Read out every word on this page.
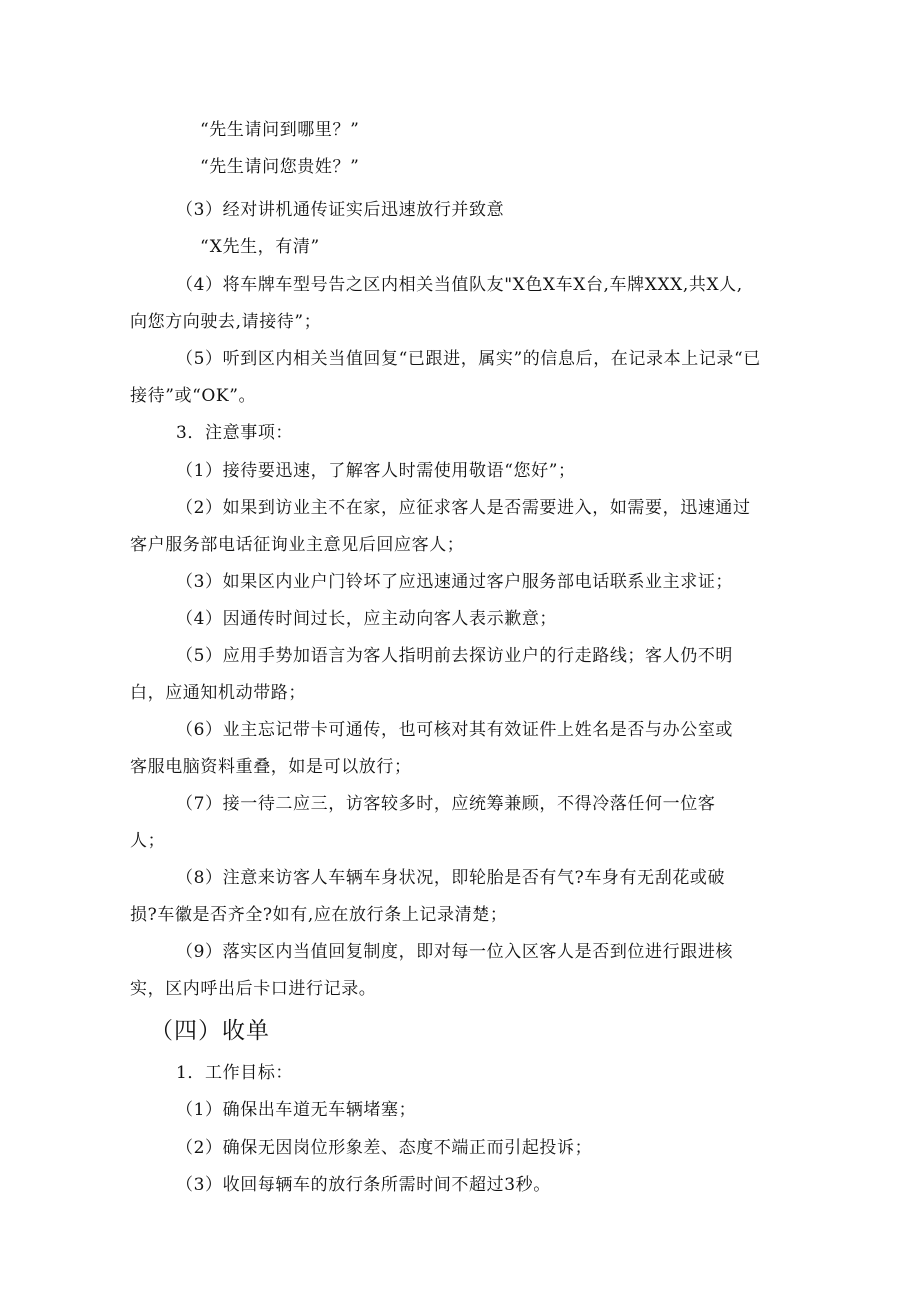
“先生请问到哪里？”
“先生请问您贵姓？”
（3）经对讲机通传证实后迅速放行并致意
“X先生，有清”
（4）将车牌车型号告之区内相关当值队友"X色X车X台,车牌XXX,共X人,
向您方向驶去,请接待”；
（5）听到区内相关当值回复“已跟进，属实”的信息后，在记录本上记录“已
接待”或“OK”。
3．注意事项：
（1）接待要迅速，了解客人时需使用敬语“您好”；
（2）如果到访业主不在家，应征求客人是否需要进入，如需要，迅速通过
客户服务部电话征询业主意见后回应客人；
（3）如果区内业户门铃坏了应迅速通过客户服务部电话联系业主求证；
（4）因通传时间过长，应主动向客人表示歉意；
（5）应用手势加语言为客人指明前去探访业户的行走路线；客人仍不明
白，应通知机动带路；
（6）业主忘记带卡可通传，也可核对其有效证件上姓名是否与办公室或
客服电脑资料重叠，如是可以放行；
（7）接一待二应三，访客较多时，应统筹兼顾，不得冷落任何一位客
人；
（8）注意来访客人车辆车身状况，即轮胎是否有气?车身有无刮花或破
损?车徽是否齐全?如有,应在放行条上记录清楚；
（9）落实区内当值回复制度，即对每一位入区客人是否到位进行跟进核
实，区内呼出后卡口进行记录。
（四）收单
1．工作目标：
（1）确保出车道无车辆堵塞；
（2）确保无因岗位形象差、态度不端正而引起投诉；
（3）收回每辆车的放行条所需时间不超过3秒。
